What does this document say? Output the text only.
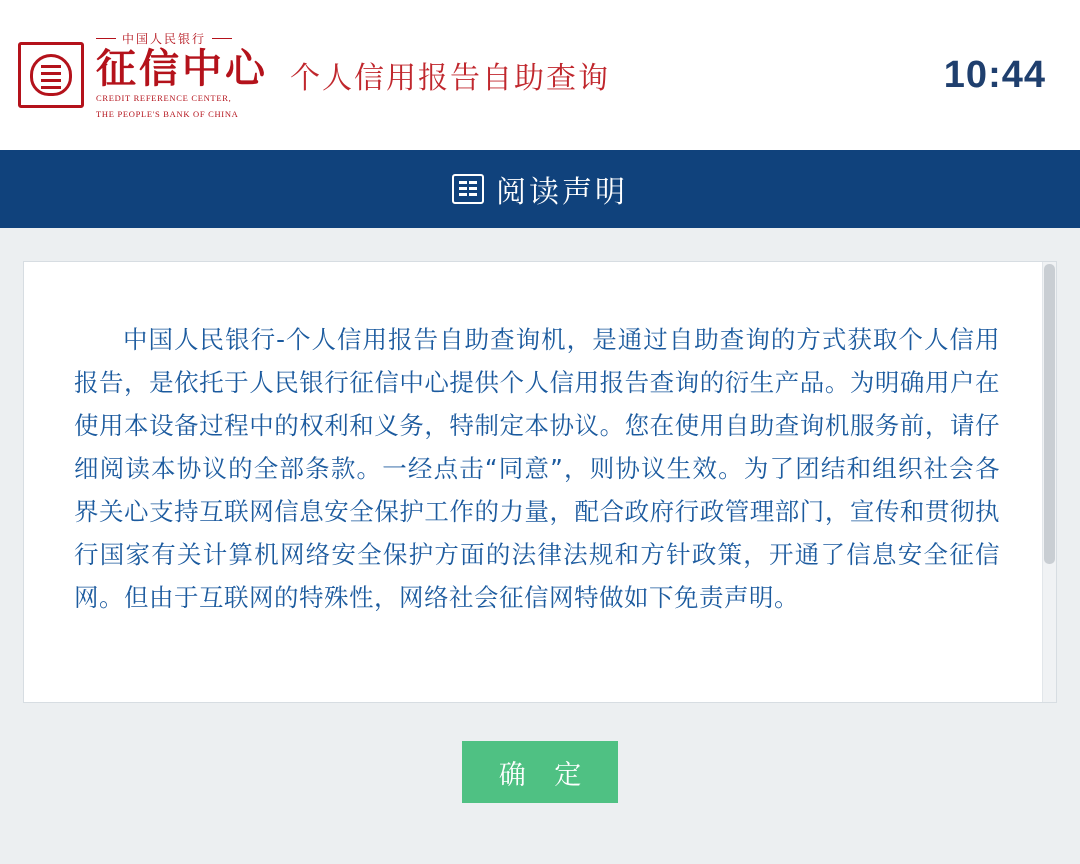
中国人民银行
征信中心
CREDIT REFERENCE CENTER,
THE PEOPLE'S BANK OF CHINA
个人信用报告自助查询	10:44
阅读声明

中国人民银行-个人信用报告自助查询机，是通过自助查询的方式获取个人信用报告，是依托于人民银行征信中心提供个人信用报告查询的衍生产品。为明确用户在使用本设备过程中的权利和义务，特制定本协议。您在使用自助查询机服务前，请仔细阅读本协议的全部条款。一经点击“同意”，则协议生效。为了团结和组织社会各界关心支持互联网信息安全保护工作的力量，配合政府行政管理部门，宣传和贯彻执行国家有关计算机网络安全保护方面的法律法规和方针政策，开通了信息安全征信网。但由于互联网的特殊性，网络社会征信网特做如下免责声明。

确 定
